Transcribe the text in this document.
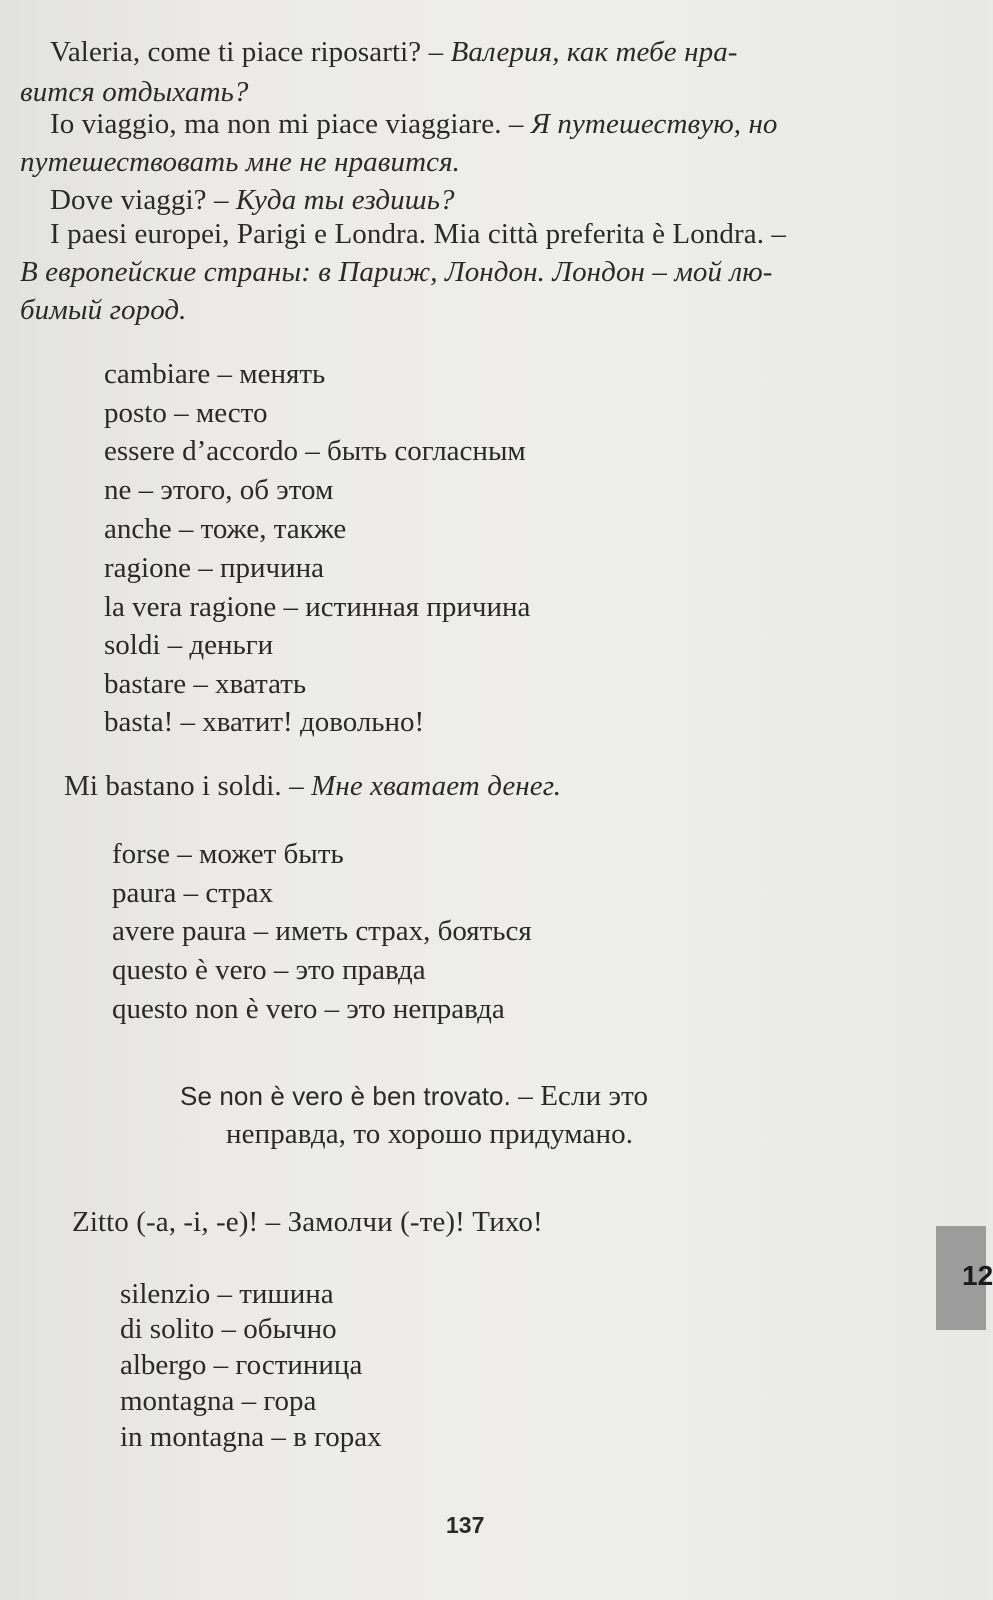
Valeria, come ti piace riposarti? – Валерия, как тебе нра-
вится отдыхать?
Io viaggio, ma non mi piace viaggiare. – Я путешествую, но
путешествовать мне не нравится.
Dove viaggi? – Куда ты ездишь?
I paesi europei, Parigi e Londra. Mia città preferita è Londra. –
В европейские страны: в Париж, Лондон. Лондон – мой лю-
бимый город.
cambiare – менять
posto – место
essere d’accordo – быть согласным
ne – этого, об этом
anche – тоже, также
ragione – причина
la vera ragione – истинная причина
soldi – деньги
bastare – хватать
basta! – хватит! довольно!
Mi bastano i soldi. – Мне хватает денег.
forse – может быть
paura – страх
avere paura – иметь страх, бояться
questo è vero – это правда
questo non è vero – это неправда
Se non è vero è ben trovato. – Если это
неправда, то хорошо придумано.
Zitto (-a, -i, -e)! – Замолчи (-те)! Тихо!
silenzio – тишина
di solito – обычно
albergo – гостиница
montagna – гора
in montagna – в горах
12
137
